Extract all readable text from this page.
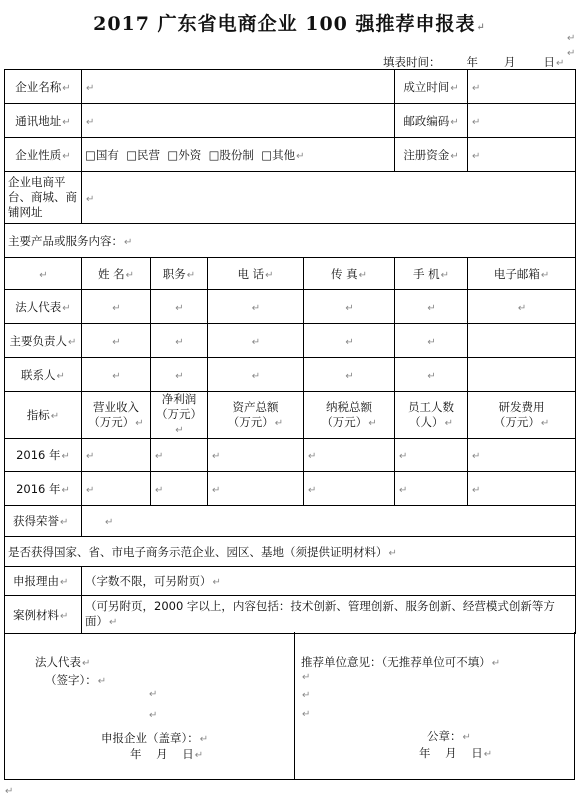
↵
↵
2017 广东省电商企业 100 强推荐申报表↵
填表时间： 年 月 日↵
企业名称↵	↵				成立时间↵	↵
通讯地址↵	↵				邮政编码↵	↵
企业性质↵	□国有 □民营 □外资 □股份制 □其他↵				注册资金↵	↵
企业电商平台、商城、商铺网址	↵					
主要产品或服务内容：↵						
↵	姓 名↵	职务↵	电 话↵	传 真↵	手 机↵	电子邮箱↵
法人代表↵	↵	↵	↵	↵	↵	↵
主要负责人↵	↵	↵	↵	↵	↵	
联系人↵	↵	↵	↵	↵	↵	
指标↵	营业收入
（万元）↵	净利润
（万元）↵	资产总额
（万元）↵	纳税总额
（万元）↵	员工人数
（人）↵	研发费用
（万元）↵
2016 年↵	↵	↵	↵	↵	↵	↵
2016 年↵	↵	↵	↵	↵	↵	↵
获得荣誉↵	↵					
是否获得国家、省、市电子商务示范企业、园区、基地（须提供证明材料）↵						
申报理由↵	（字数不限，可另附页）↵					
案例材料↵	（可另附页，2000 字以上，内容包括：技术创新、管理创新、服务创新、经营模式创新等方面）↵					
法人代表↵
（签字）：↵
↵
↵
申报企业（盖章）：↵
年    月    日↵
推荐单位意见：（无推荐单位可不填）↵
↵
↵
↵
公章：↵
年    月    日↵
↵
